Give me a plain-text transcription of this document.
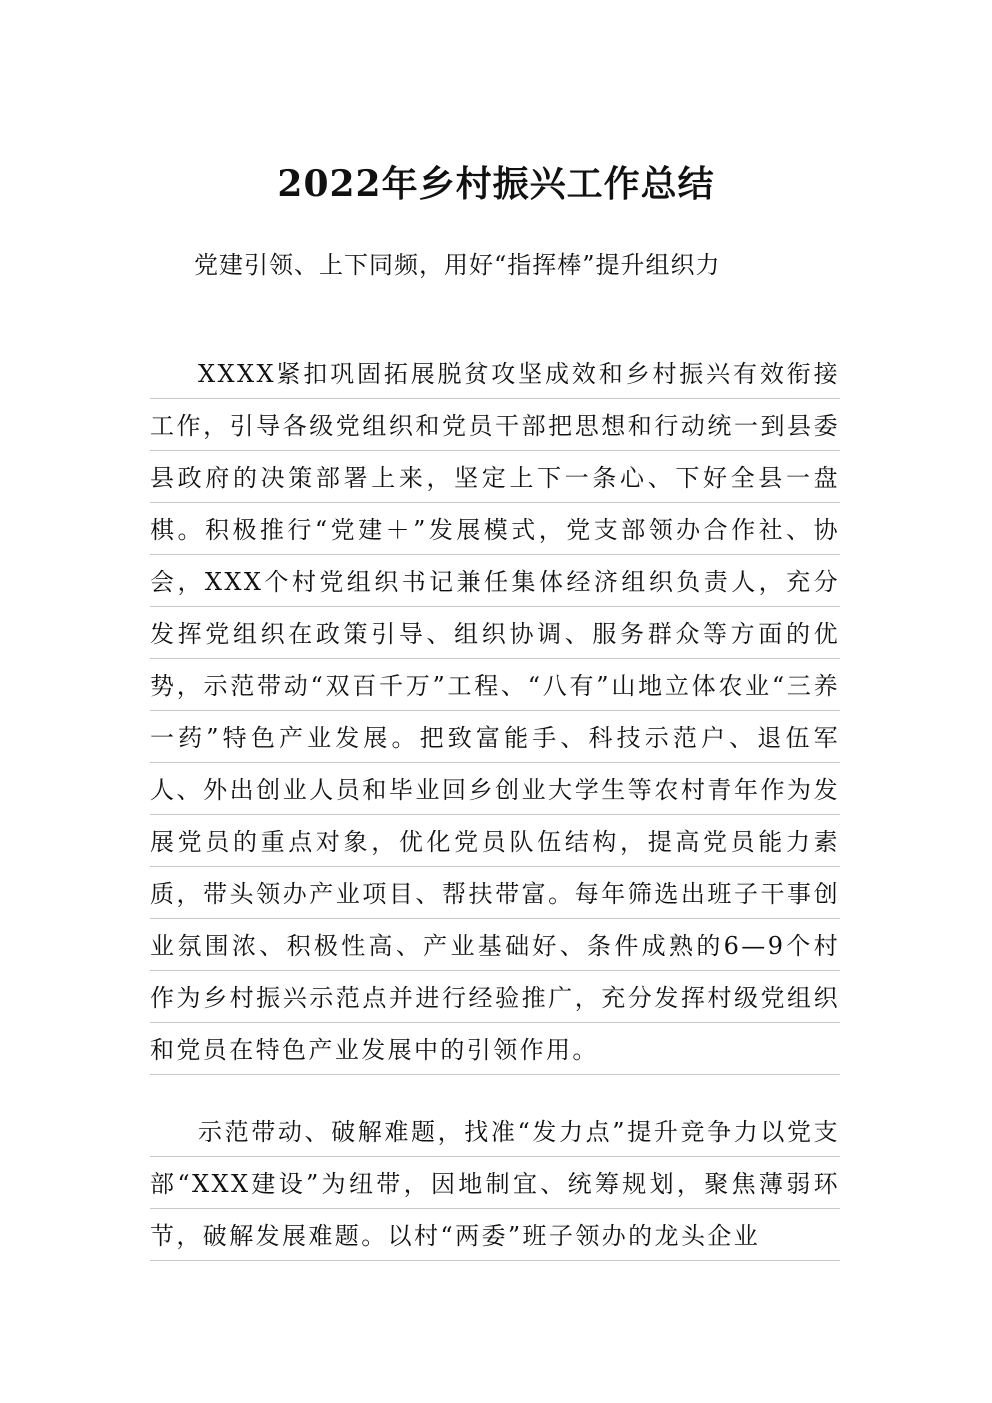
2022年乡村振兴工作总结
党建引领、上下同频，用好“指挥棒”提升组织力
XXXX紧扣巩固拓展脱贫攻坚成效和乡村振兴有效衔接工作，引导各级党组织和党员干部把思想和行动统一到县委县政府的决策部署上来，坚定上下一条心、下好全县一盘棋。积极推行“党建＋”发展模式，党支部领办合作社、协会，XXX个村党组织书记兼任集体经济组织负责人，充分发挥党组织在政策引导、组织协调、服务群众等方面的优势，示范带动“双百千万”工程、“八有”山地立体农业“三养一药”特色产业发展。把致富能手、科技示范户、退伍军人、外出创业人员和毕业回乡创业大学生等农村青年作为发展党员的重点对象，优化党员队伍结构，提高党员能力素质，带头领办产业项目、帮扶带富。每年筛选出班子干事创业氛围浓、积极性高、产业基础好、条件成熟的6—9个村作为乡村振兴示范点并进行经验推广，充分发挥村级党组织和党员在特色产业发展中的引领作用。
示范带动、破解难题，找准“发力点”提升竞争力以党支部“XXX建设”为纽带，因地制宜、统筹规划，聚焦薄弱环节，破解发展难题。以村“两委”班子领办的龙头企业
